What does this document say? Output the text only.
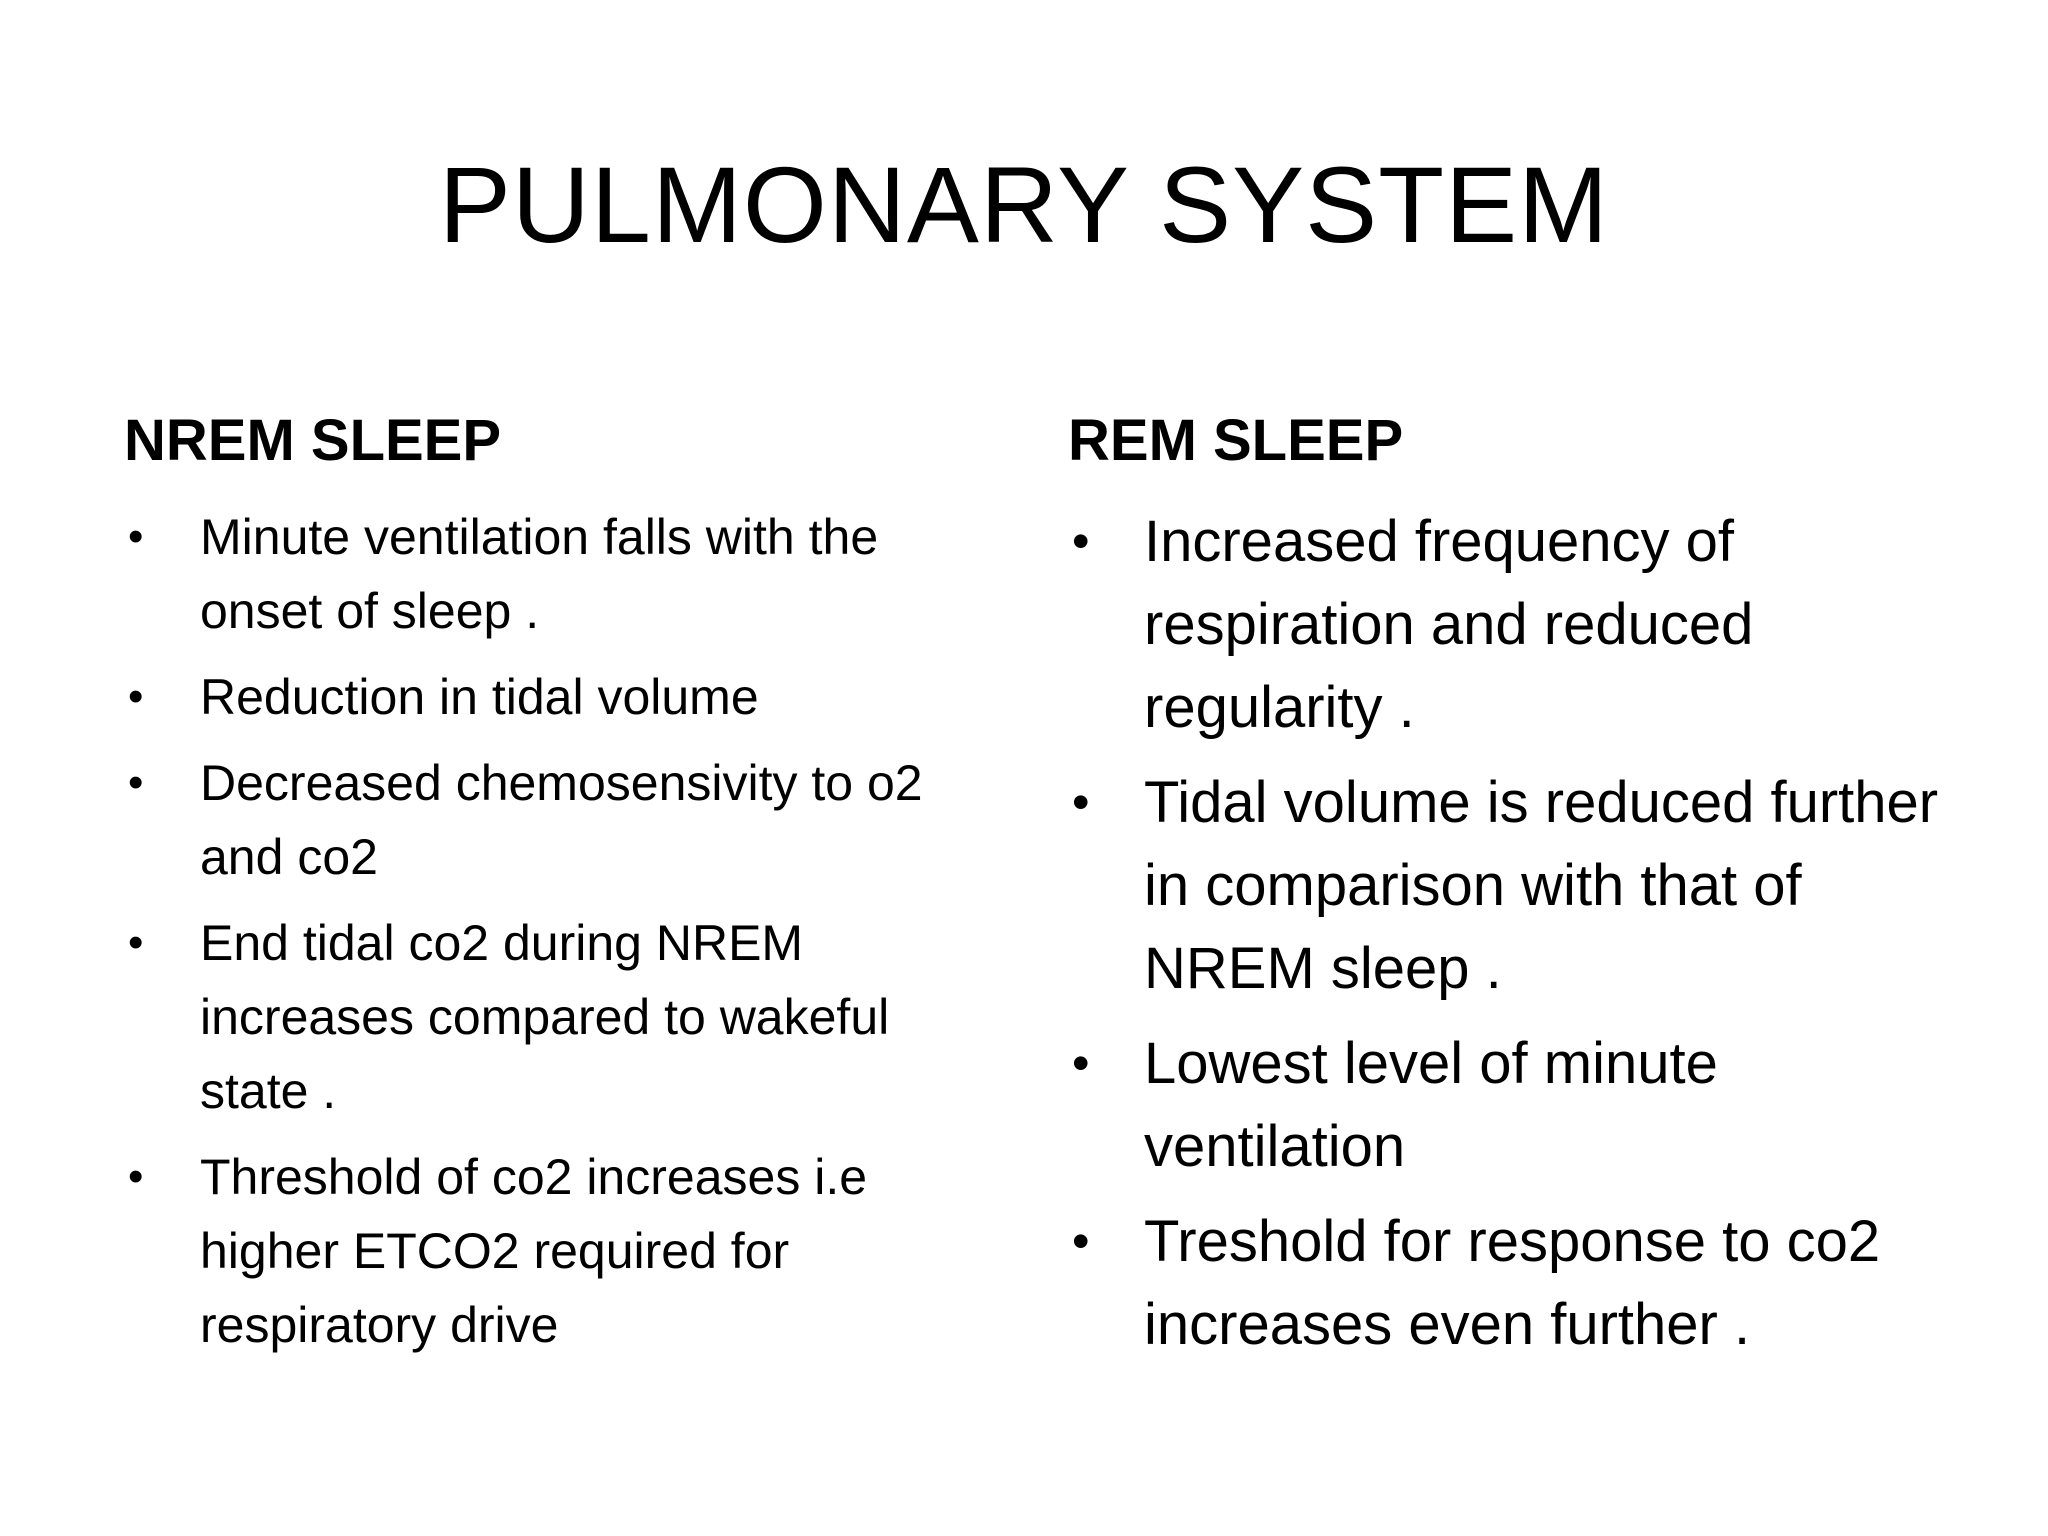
PULMONARY SYSTEM
NREM SLEEP
• Minute ventilation falls with the onset of sleep .
• Reduction in tidal volume
• Decreased chemosensivity to o2 and co2
• End tidal co2 during NREM increases compared to wakeful state .
• Threshold of co2 increases i.e higher ETCO2 required for respiratory drive
REM SLEEP
• Increased frequency of respiration and reduced regularity .
• Tidal volume is reduced further in comparison with that of NREM sleep .
• Lowest level of minute ventilation
• Treshold for response to co2 increases even further .
